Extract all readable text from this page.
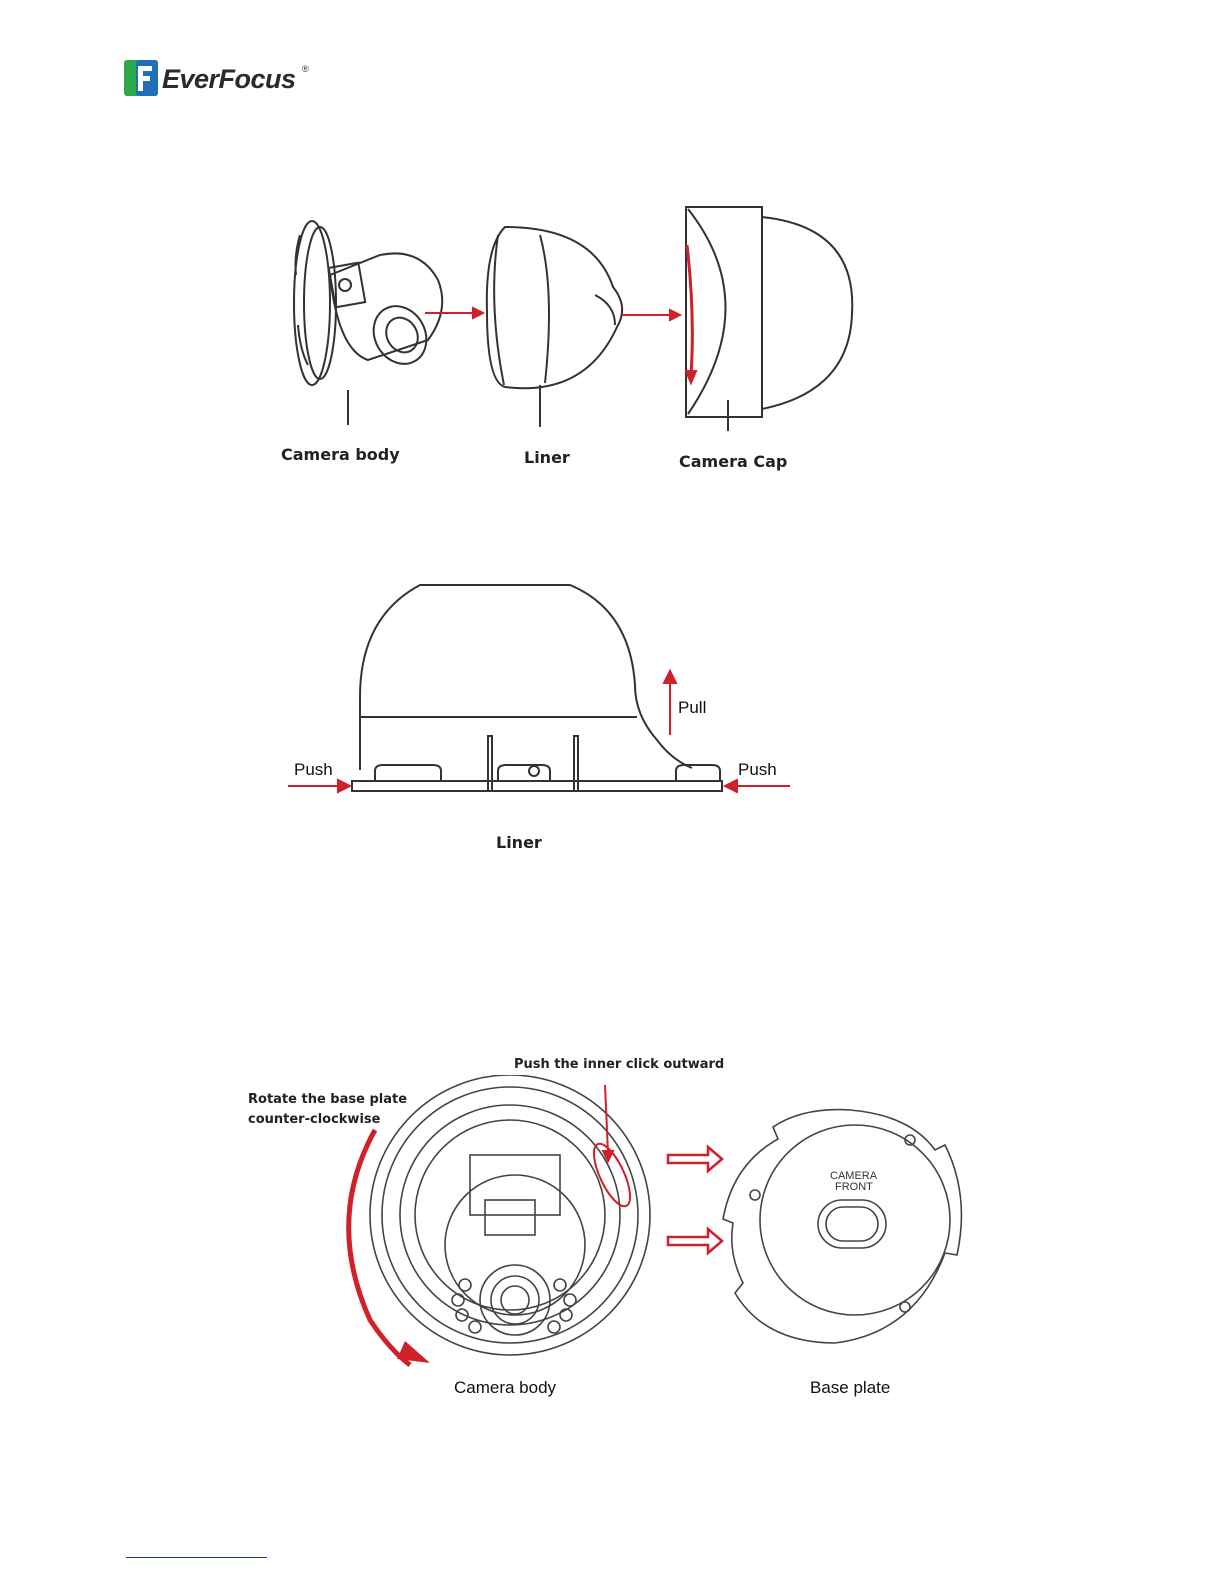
EverFocus ®
Camera body	Liner	Camera Cap
Push	Push
Pull
Liner
Rotate the base plate
counter-clockwise
Push the inner click outward
CAMERA
FRONT
Camera body	Base plate
